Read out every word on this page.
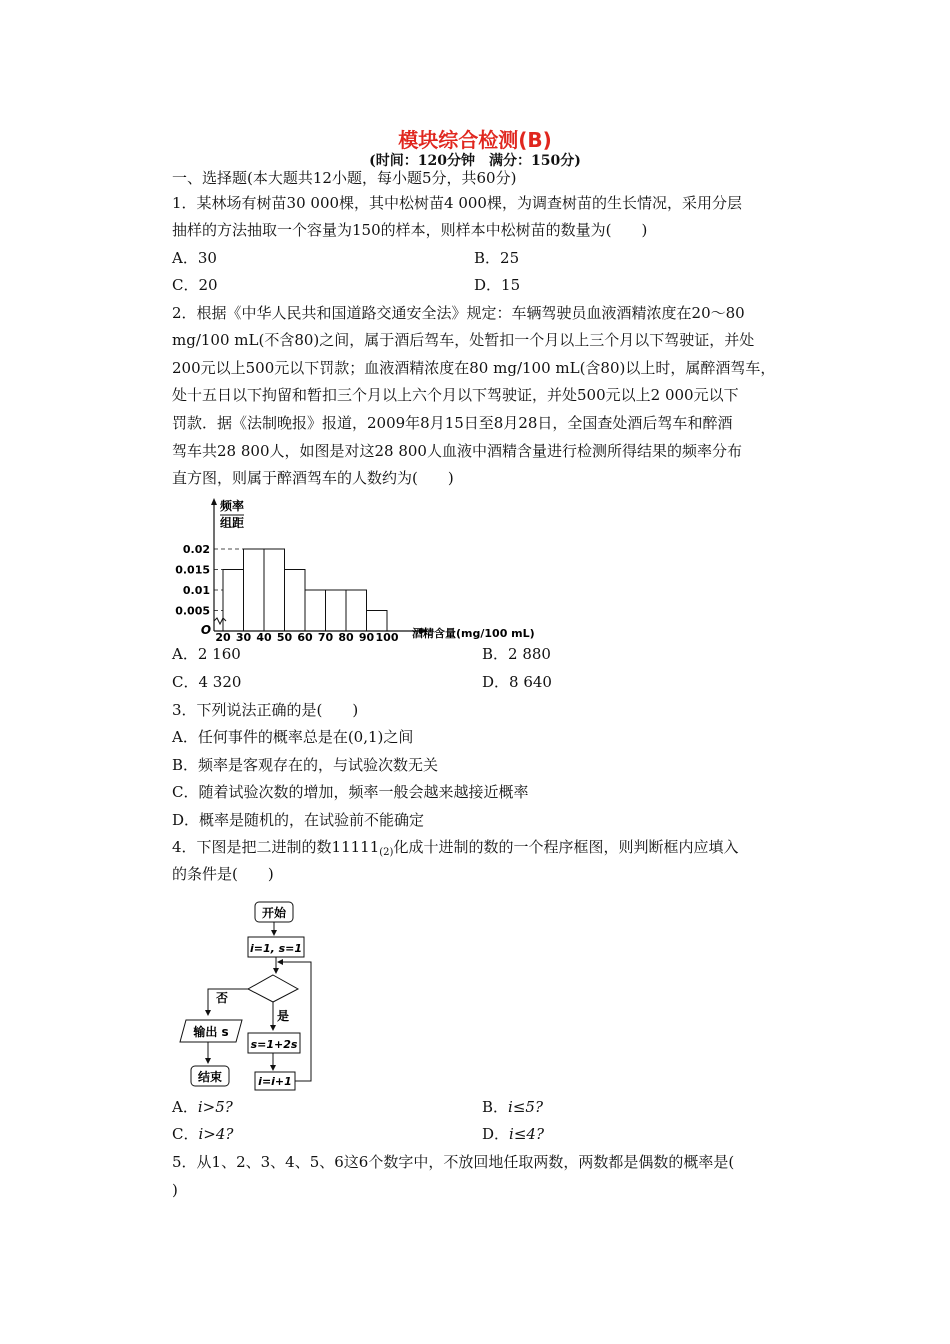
模块综合检测(B)
(时间：120分钟　满分：150分)
一、选择题(本大题共12小题，每小题5分，共60分)
1．某林场有树苗30 000棵，其中松树苗4 000棵，为调查树苗的生长情况，采用分层
抽样的方法抽取一个容量为150的样本，则样本中松树苗的数量为(　　)
A．30	B．25
C．20	D．15
2．根据《中华人民共和国道路交通安全法》规定：车辆驾驶员血液酒精浓度在20～80
mg/100 mL(不含80)之间，属于酒后驾车，处暂扣一个月以上三个月以下驾驶证，并处
200元以上500元以下罚款；血液酒精浓度在80 mg/100 mL(含80)以上时，属醉酒驾车，
处十五日以下拘留和暂扣三个月以上六个月以下驾驶证，并处500元以上2 000元以下
罚款．据《法制晚报》报道，2009年8月15日至8月28日，全国查处酒后驾车和醉酒
驾车共28 800人，如图是对这28 800人血液中酒精含量进行检测所得结果的频率分布
直方图，则属于醉酒驾车的人数约为(　　)
频率
组距
O	酒精含量(mg/100 mL)
0.02
0.015
0.01
0.005
20 30 40 50 60 70 80 90 100
A．2 160	B．2 880
C．4 320	D．8 640
3．下列说法正确的是(　　)
A．任何事件的概率总是在(0,1)之间
B．频率是客观存在的，与试验次数无关
C．随着试验次数的增加，频率一般会越来越接近概率
D．概率是随机的，在试验前不能确定
4．下图是把二进制的数$11111_{(2)}$化成十进制的数的一个程序框图，则判断框内应填入
的条件是(　　)
开始
i=1, s=1
否
输出 s
结束
是
s=1+2s
i=i+1
A．i>5?	B．i≤5?
C．i>4?	D．i≤4?
5．从1、2、3、4、5、6这6个数字中，不放回地任取两数，两数都是偶数的概率是(
)
